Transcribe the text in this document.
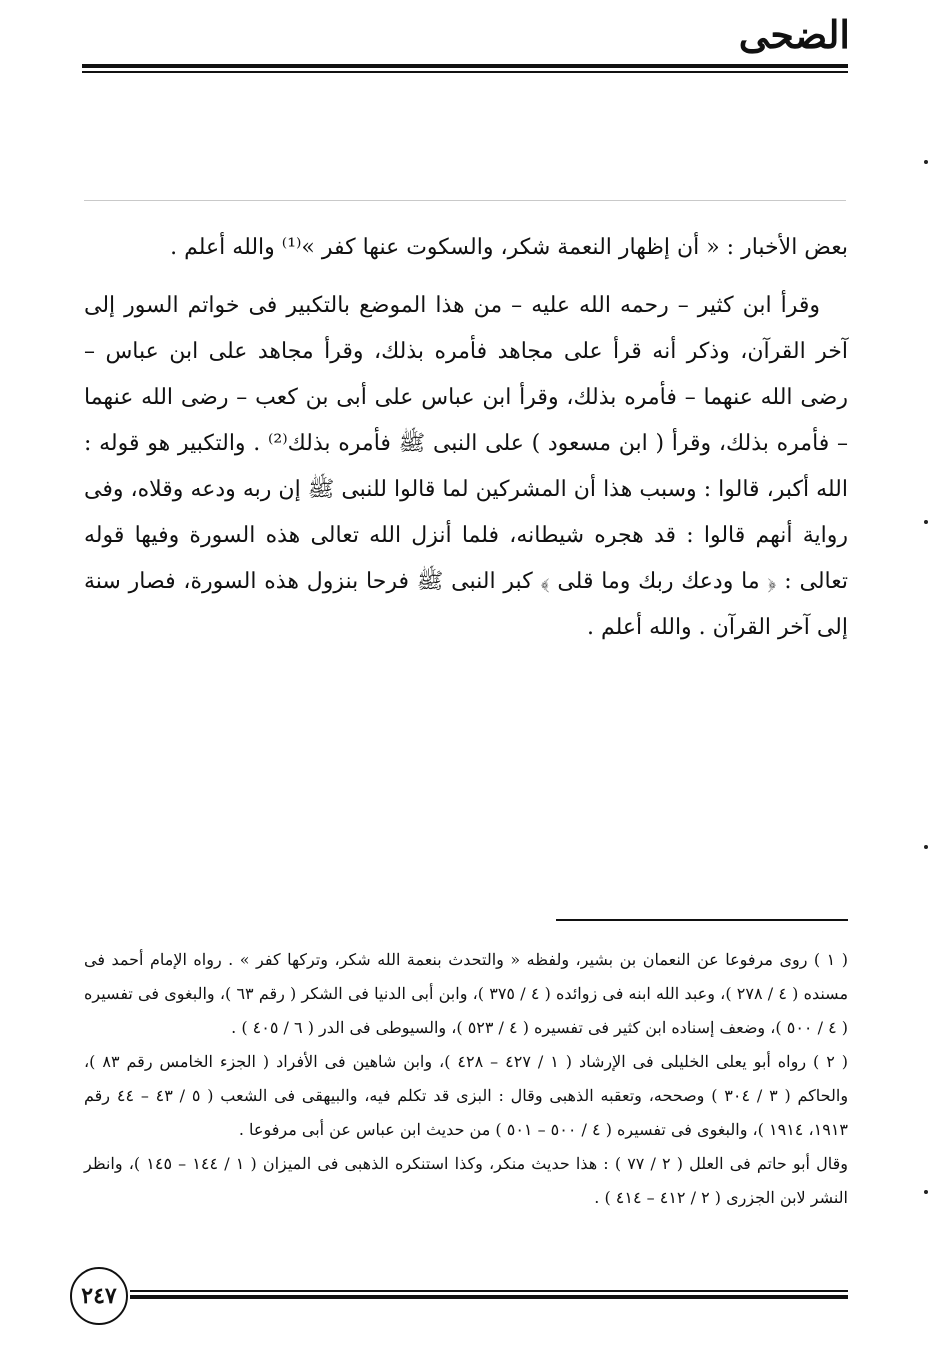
الضحى

بعض الأخبار : « أن إظهار النعمة شكر، والسكوت عنها كفر »⁽¹⁾ والله أعلم .

وقرأ ابن كثير – رحمه الله عليه – من هذا الموضع بالتكبير فى خواتم السور إلى آخر القرآن، وذكر أنه قرأ على مجاهد فأمره بذلك، وقرأ مجاهد على ابن عباس – رضى الله عنهما – فأمره بذلك، وقرأ ابن عباس على أبى بن كعب – رضى الله عنهما – فأمره بذلك، وقرأ ( ابن مسعود ) على النبى ﷺ فأمره بذلك⁽²⁾ . والتكبير هو قوله : الله أكبر، قالوا : وسبب هذا أن المشركين لما قالوا للنبى ﷺ إن ربه ودعه وقلاه، وفى رواية أنهم قالوا : قد هجره شيطانه، فلما أنزل الله تعالى هذه السورة وفيها قوله تعالى : ﴿ ما ودعك ربك وما قلى ﴾ كبر النبى ﷺ فرحا بنزول هذه السورة، فصار سنة إلى آخر القرآن . والله أعلم .

( ١ ) روى مرفوعا عن النعمان بن بشير، ولفظه « والتحدث بنعمة الله شكر، وتركها كفر » . رواه الإمام أحمد فى مسنده ( ٤ / ٢٧٨ )، وعبد الله ابنه فى زوائده ( ٤ / ٣٧٥ )، وابن أبى الدنيا فى الشكر ( رقم ٦٣ )، والبغوى فى تفسيره ( ٤ / ٥٠٠ )، وضعف إسناده ابن كثير فى تفسيره ( ٤ / ٥٢٣ )، والسيوطى فى الدر ( ٦ / ٤٠٥ ) .

( ٢ ) رواه أبو يعلى الخليلى فى الإرشاد ( ١ / ٤٢٧ – ٤٢٨ )، وابن شاهين فى الأفراد ( الجزء الخامس رقم ٨٣ )، والحاكم ( ٣ / ٣٠٤ ) وصححه، وتعقبه الذهبى وقال : البزى قد تكلم فيه، والبيهقى فى الشعب ( ٥ / ٤٣ – ٤٤ رقم ١٩١٣، ١٩١٤ )، والبغوى فى تفسيره ( ٤ / ٥٠٠ – ٥٠١ ) من حديث ابن عباس عن أبى مرفوعا .

وقال أبو حاتم فى العلل ( ٢ / ٧٧ ) : هذا حديث منكر، وكذا استنكره الذهبى فى الميزان ( ١ / ١٤٤ – ١٤٥ )، وانظر النشر لابن الجزرى ( ٢ / ٤١٢ – ٤١٤ ) .

٢٤٧
